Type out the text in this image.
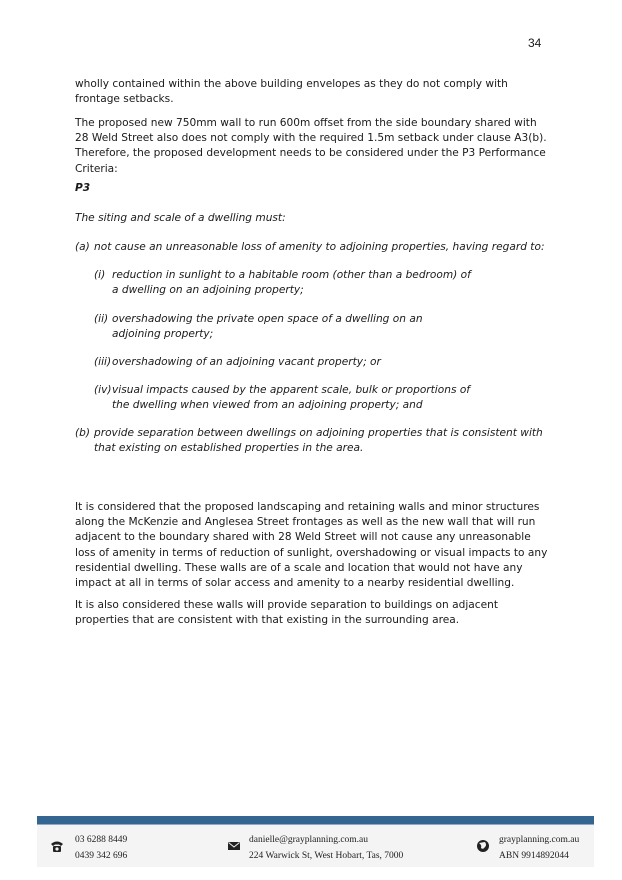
34

wholly contained within the above building envelopes as they do not comply with frontage setbacks.

The proposed new 750mm wall to run 600m offset from the side boundary shared with 28 Weld Street also does not comply with the required 1.5m setback under clause A3(b). Therefore, the proposed development needs to be considered under the P3 Performance Criteria:

P3
The siting and scale of a dwelling must:
(a) not cause an unreasonable loss of amenity to adjoining properties, having regard to:
(i) reduction in sunlight to a habitable room (other than a bedroom) of a dwelling on an adjoining property;
(ii) overshadowing the private open space of a dwelling on an adjoining property;
(iii) overshadowing of an adjoining vacant property; or
(iv) visual impacts caused by the apparent scale, bulk or proportions of the dwelling when viewed from an adjoining property; and
(b) provide separation between dwellings on adjoining properties that is consistent with that existing on established properties in the area.

It is considered that the proposed landscaping and retaining walls and minor structures along the McKenzie and Anglesea Street frontages as well as the new wall that will run adjacent to the boundary shared with 28 Weld Street will not cause any unreasonable loss of amenity in terms of reduction of sunlight, overshadowing or visual impacts to any residential dwelling. These walls are of a scale and location that would not have any impact at all in terms of solar access and amenity to a nearby residential dwelling.

It is also considered these walls will provide separation to buildings on adjacent properties that are consistent with that existing in the surrounding area.

03 6288 8449
0439 342 696
danielle@grayplanning.com.au
224 Warwick St, West Hobart, Tas, 7000
grayplanning.com.au
ABN 9914892044
